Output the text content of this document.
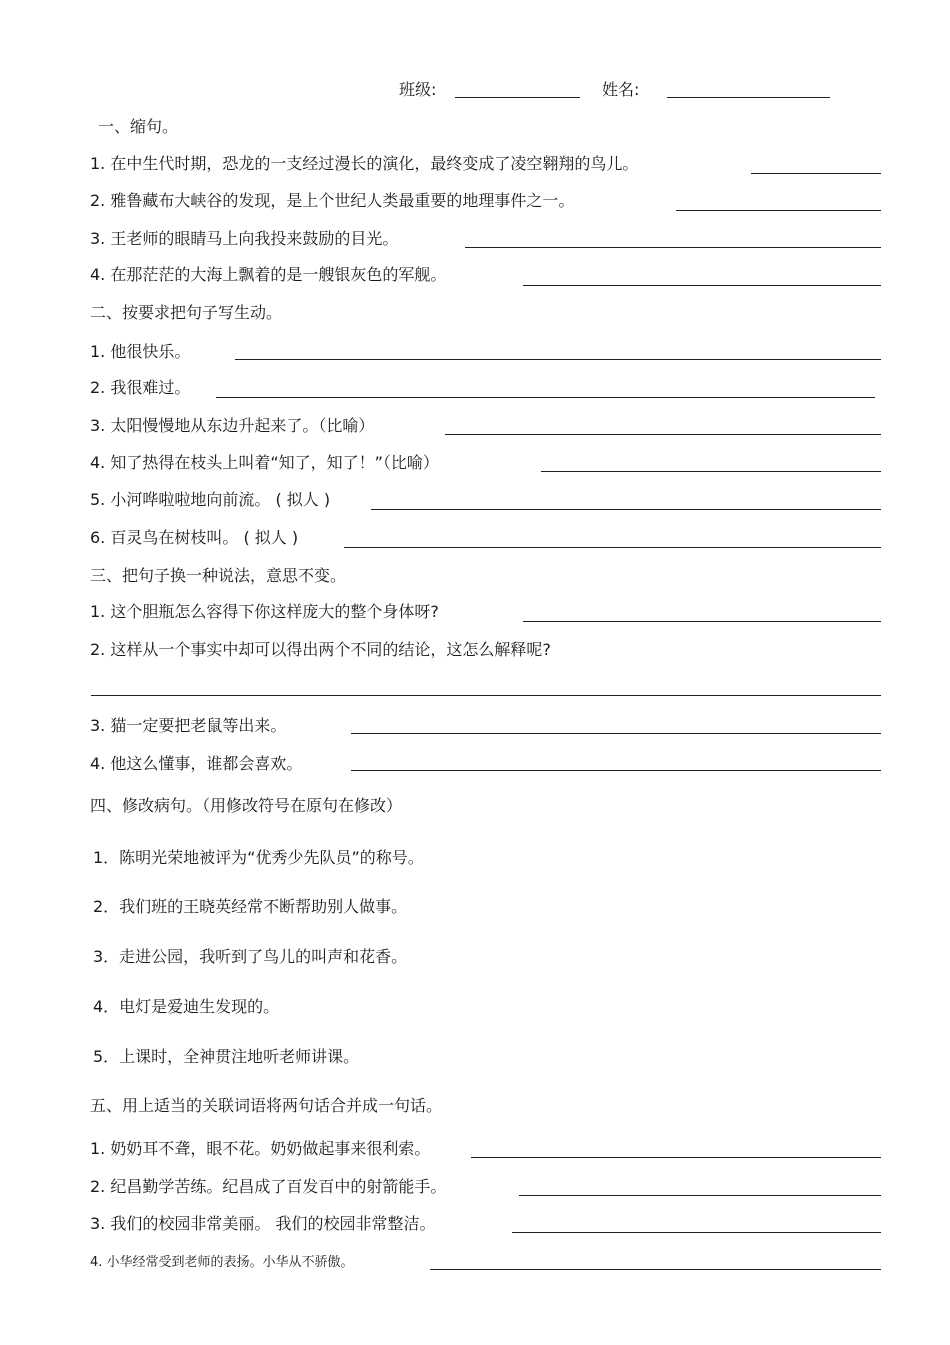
班级:	姓名:
一、缩句。
1. 在中生代时期，恐龙的一支经过漫长的演化，最终变成了凌空翱翔的鸟儿。
2. 雅鲁藏布大峡谷的发现，是上个世纪人类最重要的地理事件之一。
3. 王老师的眼睛马上向我投来鼓励的目光。
4. 在那茫茫的大海上飘着的是一艘银灰色的军舰。
二、按要求把句子写生动。
1. 他很快乐。
2. 我很难过。
3. 太阳慢慢地从东边升起来了。（比喻）
4. 知了热得在枝头上叫着“知了，知了！”（比喻）
5. 小河哗啦啦地向前流。 ( 拟人 )
6. 百灵鸟在树枝叫。 ( 拟人 )
三、把句子换一种说法，意思不变。
1. 这个胆瓶怎么容得下你这样庞大的整个身体呀?
2. 这样从一个事实中却可以得出两个不同的结论，这怎么解释呢?
3. 猫一定要把老鼠等出来。
4. 他这么懂事，谁都会喜欢。
四、修改病句。（用修改符号在原句在修改）
1．陈明光荣地被评为“优秀少先队员”的称号。
2．我们班的王晓英经常不断帮助别人做事。
3．走进公园，我听到了鸟儿的叫声和花香。
4．电灯是爱迪生发现的。
5．上课时，全神贯注地听老师讲课。
五、用上适当的关联词语将两句话合并成一句话。
1. 奶奶耳不聋，眼不花。奶奶做起事来很利索。
2. 纪昌勤学苦练。纪昌成了百发百中的射箭能手。
3. 我们的校园非常美丽。 我们的校园非常整洁。
4. 小华经常受到老师的表扬。小华从不骄傲。
